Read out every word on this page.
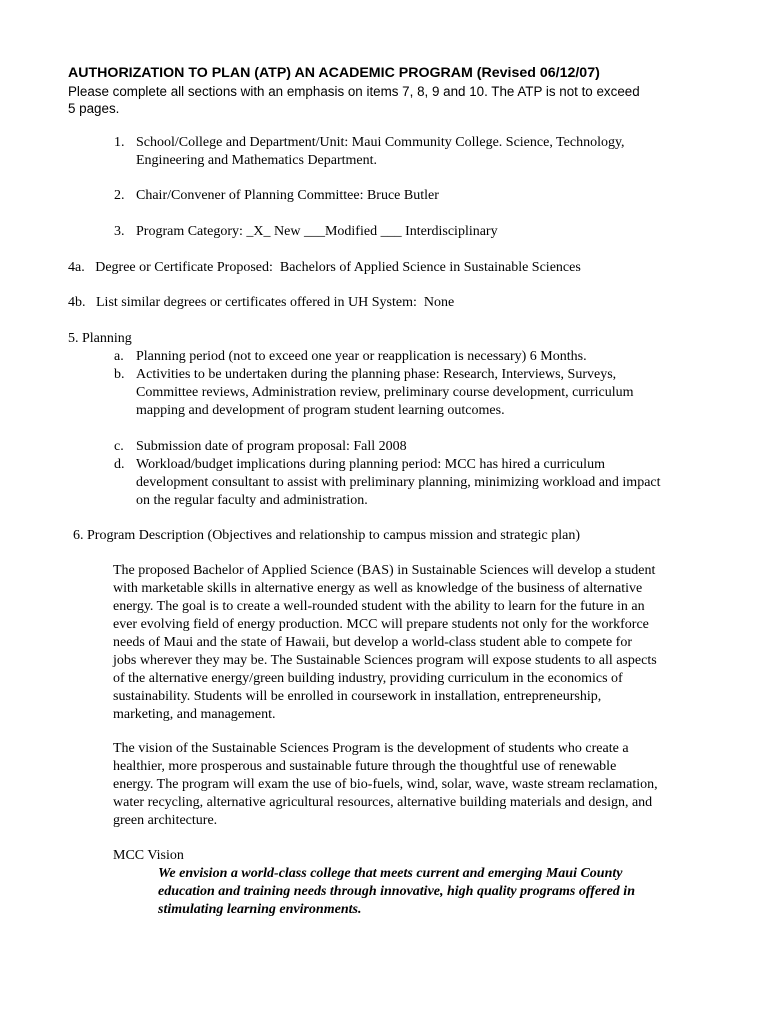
AUTHORIZATION TO PLAN (ATP) AN ACADEMIC PROGRAM (Revised 06/12/07)
Please complete all sections with an emphasis on items 7, 8, 9 and 10. The ATP is not to exceed 5 pages.
1. School/College and Department/Unit: Maui Community College. Science, Technology, Engineering and Mathematics Department.
2. Chair/Convener of Planning Committee: Bruce Butler
3. Program Category: _X_ New ___Modified ___ Interdisciplinary
4a.   Degree or Certificate Proposed:  Bachelors of Applied Science in Sustainable Sciences
4b.   List similar degrees or certificates offered in UH System:  None
5. Planning
a. Planning period (not to exceed one year or reapplication is necessary) 6 Months.
b. Activities to be undertaken during the planning phase: Research, Interviews, Surveys, Committee reviews, Administration review, preliminary course development, curriculum mapping and development of program student learning outcomes.
c. Submission date of program proposal: Fall 2008
d. Workload/budget implications during planning period: MCC has hired a curriculum development consultant to assist with preliminary planning, minimizing workload and impact on the regular faculty and administration.
6. Program Description (Objectives and relationship to campus mission and strategic plan)
The proposed Bachelor of Applied Science (BAS) in Sustainable Sciences will develop a student with marketable skills in alternative energy as well as knowledge of the business of alternative energy. The goal is to create a well-rounded student with the ability to learn for the future in an ever evolving field of energy production. MCC will prepare students not only for the workforce needs of Maui and the state of Hawaii, but develop a world-class student able to compete for jobs wherever they may be. The Sustainable Sciences program will expose students to all aspects of the alternative energy/green building industry, providing curriculum in the economics of sustainability. Students will be enrolled in coursework in installation, entrepreneurship, marketing, and management.
The vision of the Sustainable Sciences Program is the development of students who create a healthier, more prosperous and sustainable future through the thoughtful use of renewable energy. The program will exam the use of bio-fuels, wind, solar, wave, waste stream reclamation, water recycling, alternative agricultural resources, alternative building materials and design, and green architecture.
MCC Vision
We envision a world-class college that meets current and emerging Maui County education and training needs through innovative, high quality programs offered in stimulating learning environments.
